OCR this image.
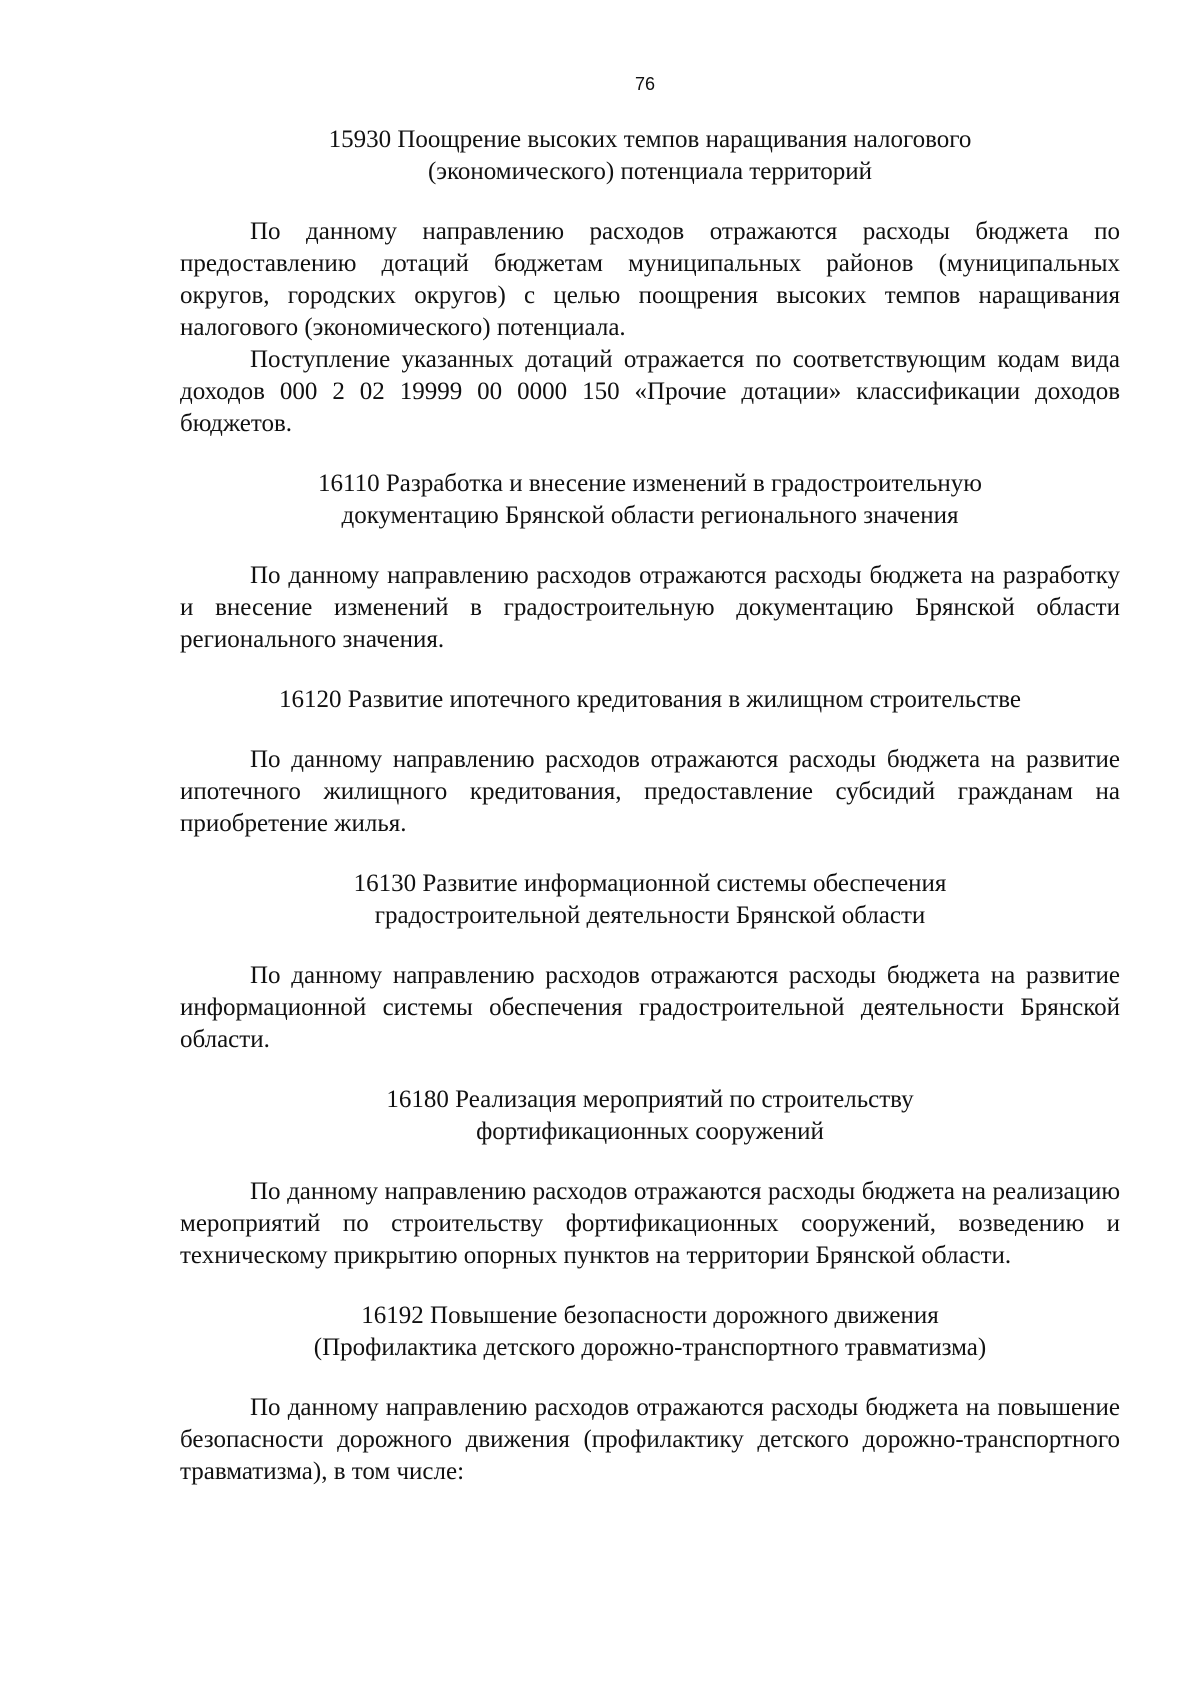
76
15930 Поощрение высоких темпов наращивания налогового
(экономического) потенциала территорий

По данному направлению расходов отражаются расходы бюджета по предоставлению дотаций бюджетам муниципальных районов (муниципальных округов, городских округов) с целью поощрения высоких темпов наращивания налогового (экономического) потенциала.

Поступление указанных дотаций отражается по соответствующим кодам вида доходов 000 2 02 19999 00 0000 150 «Прочие дотации» классификации доходов бюджетов.

16110 Разработка и внесение изменений в градостроительную
документацию Брянской области регионального значения

По данному направлению расходов отражаются расходы бюджета на разработку и внесение изменений в градостроительную документацию Брянской области регионального значения.

16120 Развитие ипотечного кредитования в жилищном строительстве

По данному направлению расходов отражаются расходы бюджета на развитие ипотечного жилищного кредитования, предоставление субсидий гражданам на приобретение жилья.

16130 Развитие информационной системы обеспечения
градостроительной деятельности Брянской области

По данному направлению расходов отражаются расходы бюджета на развитие информационной системы обеспечения градостроительной деятельности Брянской области.

16180 Реализация мероприятий по строительству
фортификационных сооружений

По данному направлению расходов отражаются расходы бюджета на реализацию мероприятий по строительству фортификационных сооружений, возведению и техническому прикрытию опорных пунктов на территории Брянской области.

16192 Повышение безопасности дорожного движения
(Профилактика детского дорожно-транспортного травматизма)

По данному направлению расходов отражаются расходы бюджета на повышение безопасности дорожного движения (профилактику детского дорожно-транспортного травматизма), в том числе:
